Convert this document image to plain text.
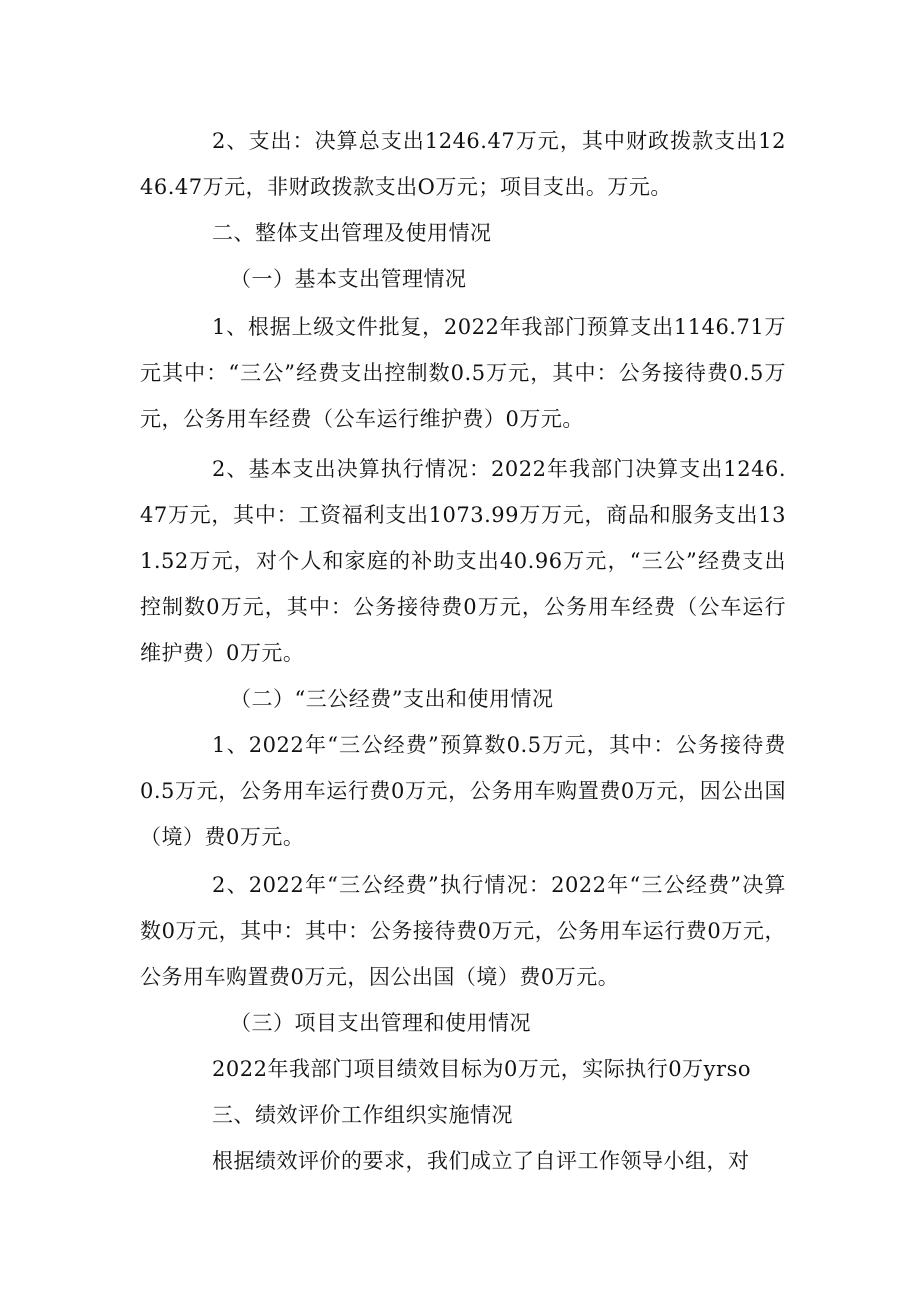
2、支出：决算总支出1246.47万元，其中财政拨款支出1246.47万元，非财政拨款支出O万元；项目支出。万元。

二、整体支出管理及使用情况

（一）基本支出管理情况

1、根据上级文件批复，2022年我部门预算支出1146.71万元其中：“三公”经费支出控制数0.5万元，其中：公务接待费0.5万元，公务用车经费（公车运行维护费）0万元。

2、基本支出决算执行情况：2022年我部门决算支出1246.47万元，其中：工资福利支出1073.99万万元，商品和服务支出131.52万元，对个人和家庭的补助支出40.96万元，“三公”经费支出控制数0万元，其中：公务接待费0万元，公务用车经费（公车运行维护费）0万元。

（二）“三公经费”支出和使用情况

1、2022年“三公经费”预算数0.5万元，其中：公务接待费0.5万元，公务用车运行费0万元，公务用车购置费0万元，因公出国（境）费0万元。

2、2022年“三公经费”执行情况：2022年“三公经费”决算数0万元，其中：其中：公务接待费0万元，公务用车运行费0万元，公务用车购置费0万元，因公出国（境）费0万元。

（三）项目支出管理和使用情况

2022年我部门项目绩效目标为0万元，实际执行0万yrso

三、绩效评价工作组织实施情况

根据绩效评价的要求，我们成立了自评工作领导小组，对
